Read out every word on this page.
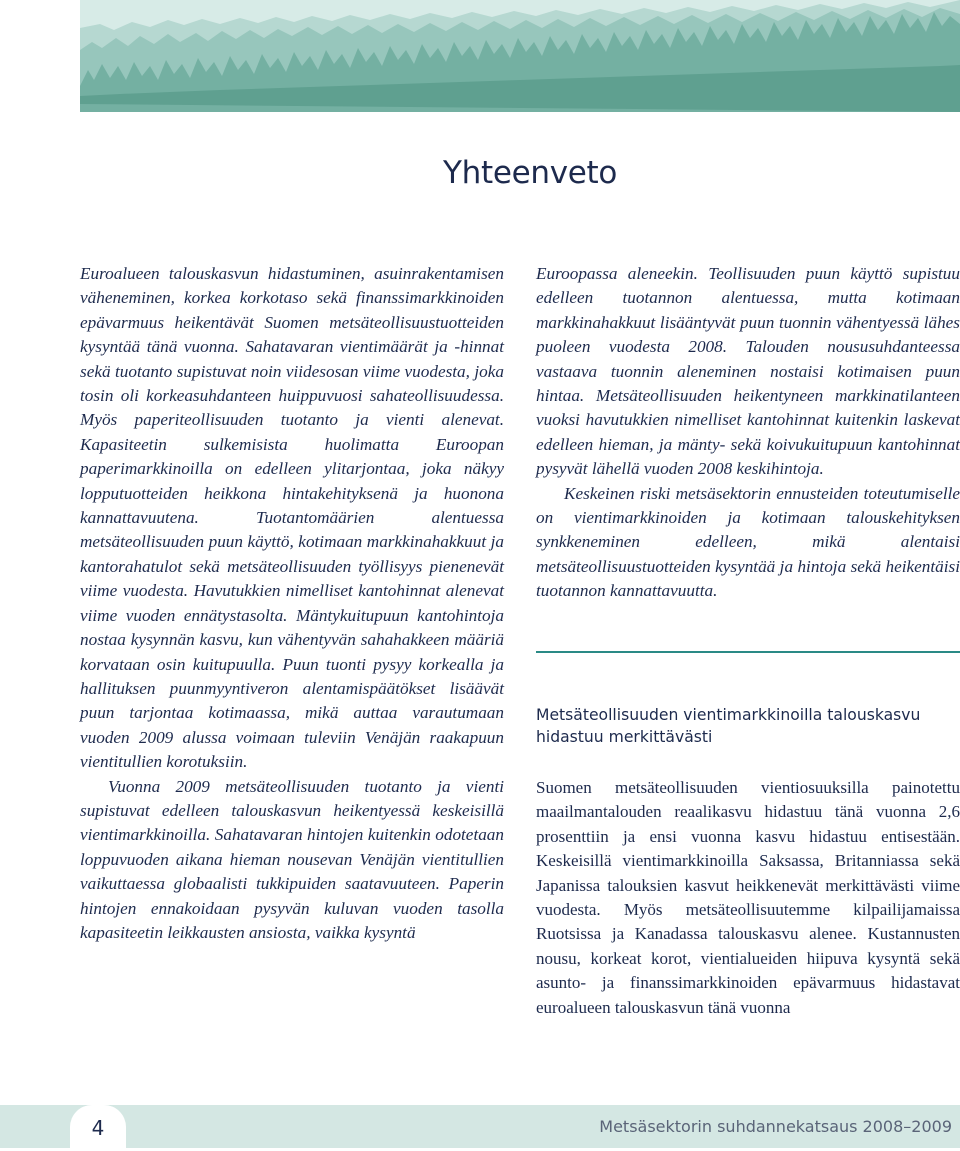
Yhteenveto

Euroalueen talouskasvun hidastuminen, asuinrakentamisen väheneminen, korkea korkotaso sekä finanssimarkkinoiden epävarmuus heikentävät Suomen metsäteollisuustuotteiden kysyntää tänä vuonna. Sahatavaran vientimäärät ja -hinnat sekä tuotanto supistuvat noin viidesosan viime vuodesta, joka tosin oli korkeasuhdanteen huippuvuosi sahateollisuudessa. Myös paperiteollisuuden tuotanto ja vienti alenevat. Kapasiteetin sulkemisista huolimatta Euroopan paperimarkkinoilla on edelleen ylitarjontaa, joka näkyy lopputuotteiden heikkona hintakehityksenä ja huonona kannattavuutena. Tuotantomäärien alentuessa metsäteollisuuden puun käyttö, kotimaan markkinahakkuut ja kantorahatulot sekä metsäteollisuuden työllisyys pienenevät viime vuodesta. Havutukkien nimelliset kantohinnat alenevat viime vuoden ennätystasolta. Mäntykuitupuun kantohintoja nostaa kysynnän kasvu, kun vähentyvän sahahakkeen määriä korvataan osin kuitupuulla. Puun tuonti pysyy korkealla ja hallituksen puunmyyntiveron alentamispäätökset lisäävät puun tarjontaa kotimaassa, mikä auttaa varautumaan vuoden 2009 alussa voimaan tuleviin Venäjän raakapuun vientitullien korotuksiin.

Vuonna 2009 metsäteollisuuden tuotanto ja vienti supistuvat edelleen talouskasvun heikentyessä keskeisillä vientimarkkinoilla. Sahatavaran hintojen kuitenkin odotetaan loppuvuoden aikana hieman nousevan Venäjän vientitullien vaikuttaessa globaalisti tukkipuiden saatavuuteen. Paperin hintojen ennakoidaan pysyvän kuluvan vuoden tasolla kapasiteetin leikkausten ansiosta, vaikka kysyntä

Euroopassa aleneekin. Teollisuuden puun käyttö supistuu edelleen tuotannon alentuessa, mutta kotimaan markkinahakkuut lisääntyvät puun tuonnin vähentyessä lähes puoleen vuodesta 2008. Talouden noususuhdanteessa vastaava tuonnin aleneminen nostaisi kotimaisen puun hintaa. Metsäteollisuuden heikentyneen markkinatilanteen vuoksi havutukkien nimelliset kantohinnat kuitenkin laskevat edelleen hieman, ja mänty- sekä koivukuitupuun kantohinnat pysyvät lähellä vuoden 2008 keskihintoja.

Keskeinen riski metsäsektorin ennusteiden toteutumiselle on vientimarkkinoiden ja kotimaan talouskehityksen synkkeneminen edelleen, mikä alentaisi metsäteollisuustuotteiden kysyntää ja hintoja sekä heikentäisi tuotannon kannattavuutta.

Metsäteollisuuden vientimarkkinoilla talouskasvu hidastuu merkittävästi

Suomen metsäteollisuuden vientiosuuksilla painotettu maailmantalouden reaalikasvu hidastuu tänä vuonna 2,6 prosenttiin ja ensi vuonna kasvu hidastuu entisestään. Keskeisillä vientimarkkinoilla Saksassa, Britanniassa sekä Japanissa talouksien kasvut heikkenevät merkittävästi viime vuodesta. Myös metsäteollisuutemme kilpailijamaissa Ruotsissa ja Kanadassa talouskasvu alenee. Kustannusten nousu, korkeat korot, vientialueiden hiipuva kysyntä sekä asunto- ja finanssimarkkinoiden epävarmuus hidastavat euroalueen talouskasvun tänä vuonna

4	Metsäsektorin suhdannekatsaus 2008–2009
